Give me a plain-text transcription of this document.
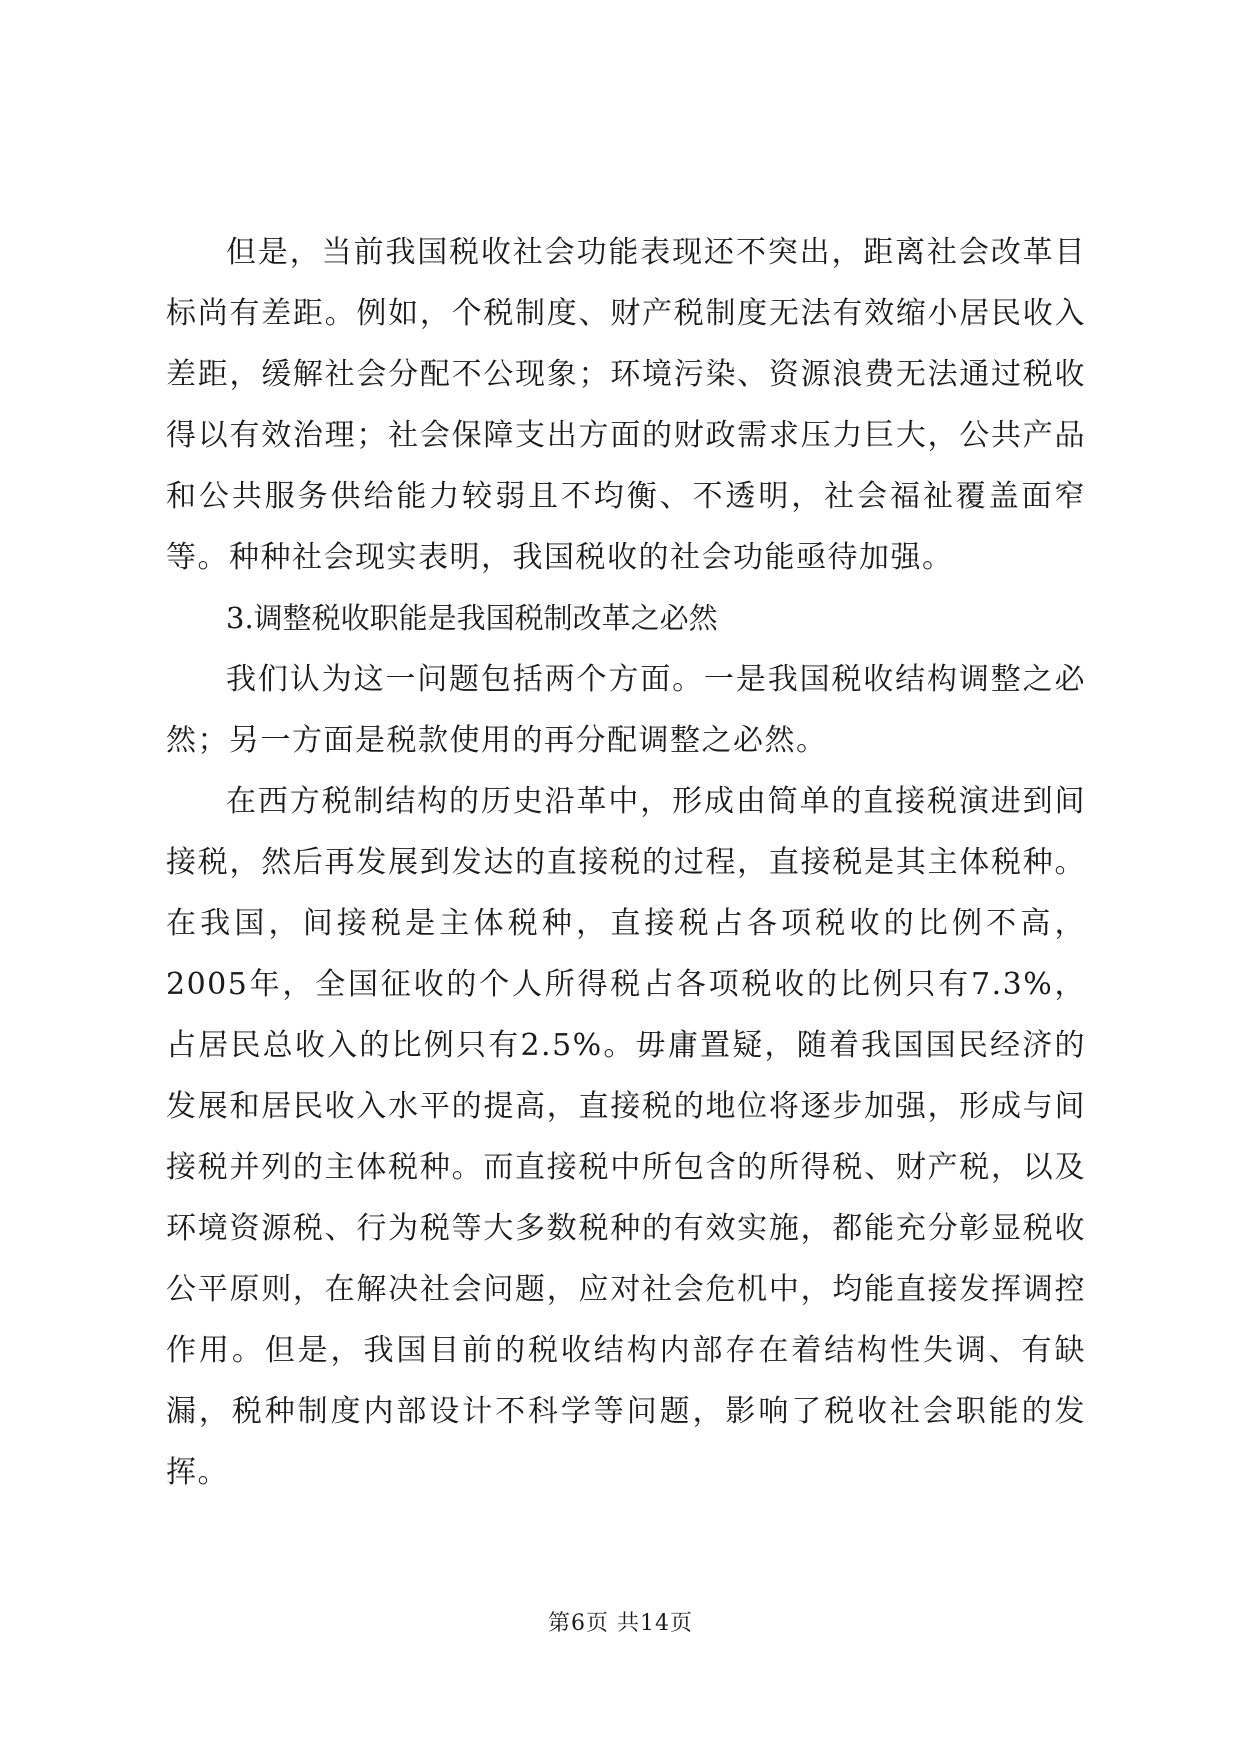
但是，当前我国税收社会功能表现还不突出，距离社会改革目标尚有差距。例如，个税制度、财产税制度无法有效缩小居民收入差距，缓解社会分配不公现象；环境污染、资源浪费无法通过税收得以有效治理；社会保障支出方面的财政需求压力巨大，公共产品和公共服务供给能力较弱且不均衡、不透明，社会福祉覆盖面窄等。种种社会现实表明，我国税收的社会功能亟待加强。

3.调整税收职能是我国税制改革之必然

我们认为这一问题包括两个方面。一是我国税收结构调整之必然；另一方面是税款使用的再分配调整之必然。

在西方税制结构的历史沿革中，形成由简单的直接税演进到间接税，然后再发展到发达的直接税的过程，直接税是其主体税种。在我国，间接税是主体税种，直接税占各项税收的比例不高，2005年，全国征收的个人所得税占各项税收的比例只有7.3%，占居民总收入的比例只有2.5%。毋庸置疑，随着我国国民经济的发展和居民收入水平的提高，直接税的地位将逐步加强，形成与间接税并列的主体税种。而直接税中所包含的所得税、财产税，以及环境资源税、行为税等大多数税种的有效实施，都能充分彰显税收公平原则，在解决社会问题，应对社会危机中，均能直接发挥调控作用。但是，我国目前的税收结构内部存在着结构性失调、有缺漏，税种制度内部设计不科学等问题，影响了税收社会职能的发挥。

第6页 共14页
